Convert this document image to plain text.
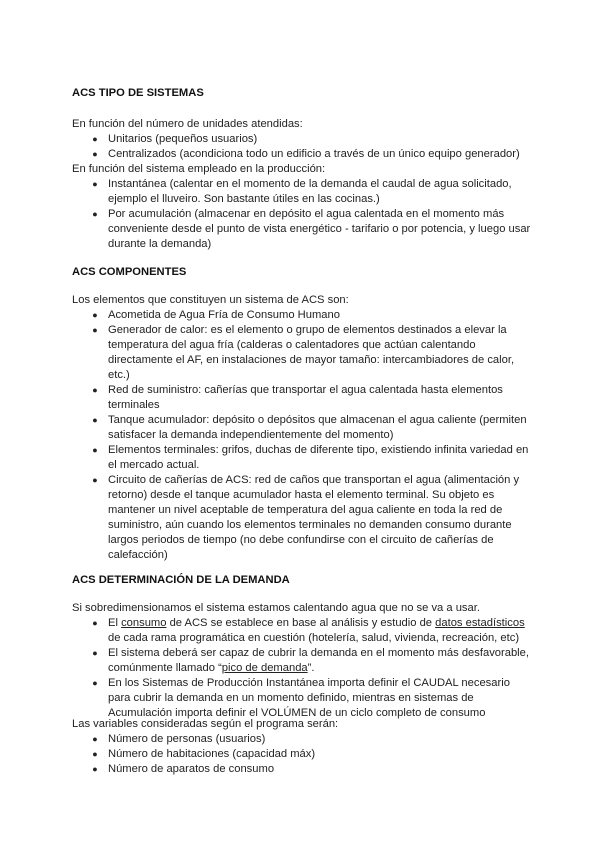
ACS TIPO DE SISTEMAS
En función del número de unidades atendidas:
● Unitarios (pequeños usuarios)
● Centralizados (acondiciona todo un edificio a través de un único equipo generador)
En función del sistema empleado en la producción:
● Instantánea (calentar en el momento de la demanda el caudal de agua solicitado, ejemplo el lluveiro. Son bastante útiles en las cocinas.)
● Por acumulación (almacenar en depósito el agua calentada en el momento más conveniente desde el punto de vista energético - tarifario o por potencia, y luego usar durante la demanda)
ACS COMPONENTES
Los elementos que constituyen un sistema de ACS son:
● Acometida de Agua Fría de Consumo Humano
● Generador de calor: es el elemento o grupo de elementos destinados a elevar la temperatura del agua fría (calderas o calentadores que actúan calentando directamente el AF, en instalaciones de mayor tamaño: intercambiadores de calor, etc.)
● Red de suministro: cañerías que transportar el agua calentada hasta elementos terminales
● Tanque acumulador: depósito o depósitos que almacenan el agua caliente (permiten satisfacer la demanda independientemente del momento)
● Elementos terminales: grifos, duchas de diferente tipo, existiendo infinita variedad en el mercado actual.
● Circuito de cañerías de ACS: red de caños que transportan el agua (alimentación y retorno) desde el tanque acumulador hasta el elemento terminal. Su objeto es mantener un nivel aceptable de temperatura del agua caliente en toda la red de suministro, aún cuando los elementos terminales no demanden consumo durante largos periodos de tiempo (no debe confundirse con el circuito de cañerías de calefacción)
ACS DETERMINACIÓN DE LA DEMANDA
Si sobredimensionamos el sistema estamos calentando agua que no se va a usar.
● El consumo de ACS se establece en base al análisis y estudio de datos estadísticos de cada rama programática en cuestión (hotelería, salud, vivienda, recreación, etc)
● El sistema deberá ser capaz de cubrir la demanda en el momento más desfavorable, comúnmente llamado “pico de demanda”.
● En los Sistemas de Producción Instantánea importa definir el CAUDAL necesario para cubrir la demanda en un momento definido, mientras en sistemas de Acumulación importa definir el VOLÚMEN de un ciclo completo de consumo
Las variables consideradas según el programa serán:
● Número de personas (usuarios)
● Número de habitaciones (capacidad máx)
● Número de aparatos de consumo
